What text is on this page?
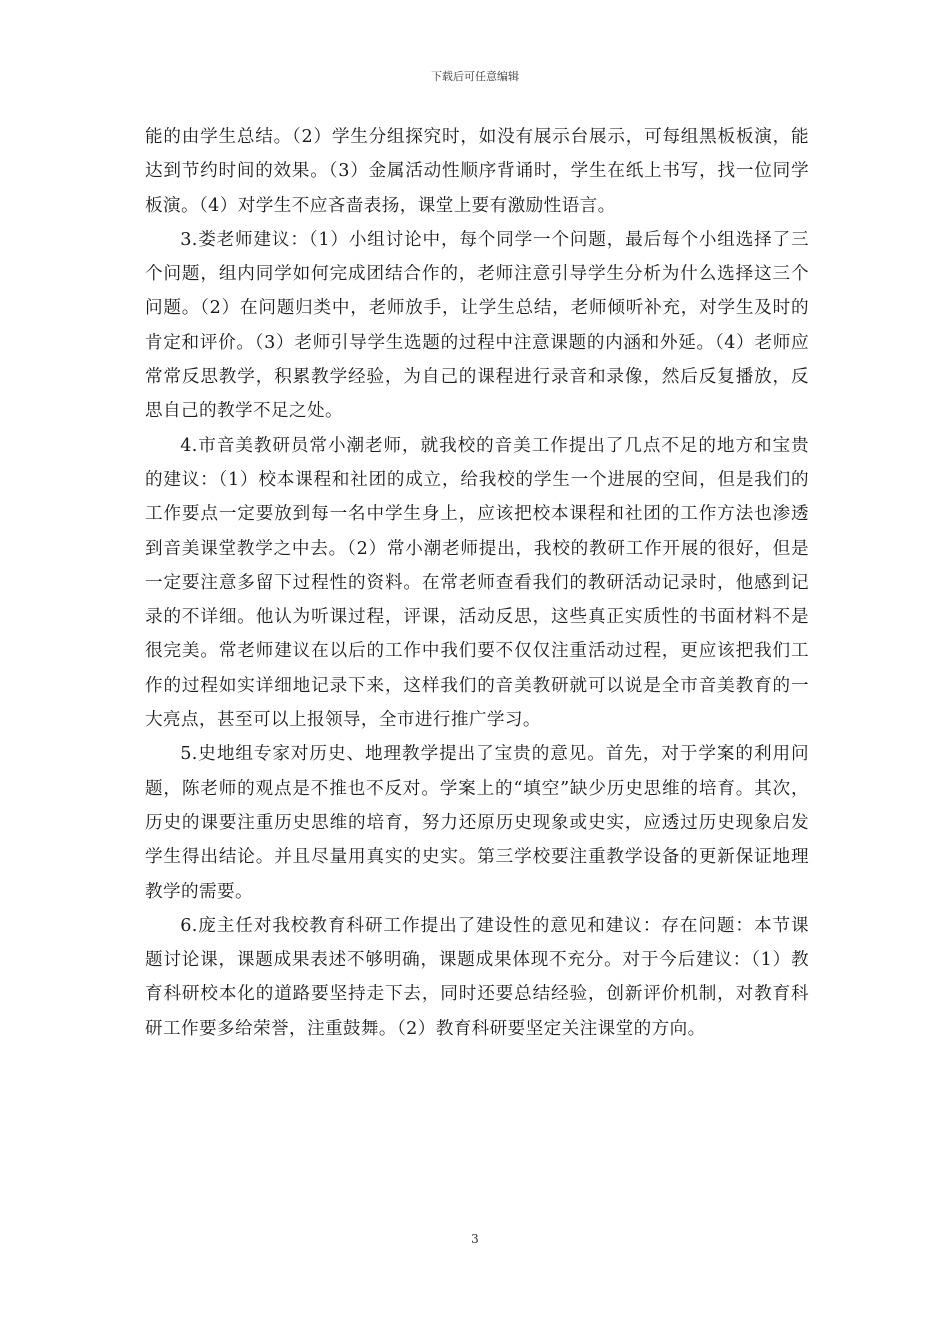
下载后可任意编辑

能的由学生总结。（2）学生分组探究时，如没有展示台展示，可每组黑板板演，能达到节约时间的效果。（3）金属活动性顺序背诵时，学生在纸上书写，找一位同学板演。（4）对学生不应吝啬表扬，课堂上要有激励性语言。

3.娄老师建议：（1）小组讨论中，每个同学一个问题，最后每个小组选择了三个问题，组内同学如何完成团结合作的，老师注意引导学生分析为什么选择这三个问题。（2）在问题归类中，老师放手，让学生总结，老师倾听补充，对学生及时的肯定和评价。（3）老师引导学生选题的过程中注意课题的内涵和外延。（4）老师应常常反思教学，积累教学经验，为自己的课程进行录音和录像，然后反复播放，反思自己的教学不足之处。

4.市音美教研员常小潮老师，就我校的音美工作提出了几点不足的地方和宝贵的建议：（1）校本课程和社团的成立，给我校的学生一个进展的空间，但是我们的工作要点一定要放到每一名中学生身上，应该把校本课程和社团的工作方法也渗透到音美课堂教学之中去。（2）常小潮老师提出，我校的教研工作开展的很好，但是一定要注意多留下过程性的资料。在常老师查看我们的教研活动记录时，他感到记录的不详细。他认为听课过程，评课，活动反思，这些真正实质性的书面材料不是很完美。常老师建议在以后的工作中我们要不仅仅注重活动过程，更应该把我们工作的过程如实详细地记录下来，这样我们的音美教研就可以说是全市音美教育的一大亮点，甚至可以上报领导，全市进行推广学习。

5.史地组专家对历史、地理教学提出了宝贵的意见。首先，对于学案的利用问题，陈老师的观点是不推也不反对。学案上的“填空”缺少历史思维的培育。其次，历史的课要注重历史思维的培育，努力还原历史现象或史实，应透过历史现象启发学生得出结论。并且尽量用真实的史实。第三学校要注重教学设备的更新保证地理教学的需要。

6.庞主任对我校教育科研工作提出了建设性的意见和建议：存在问题：本节课题讨论课，课题成果表述不够明确，课题成果体现不充分。对于今后建议：（1）教育科研校本化的道路要坚持走下去，同时还要总结经验，创新评价机制，对教育科研工作要多给荣誉，注重鼓舞。（2）教育科研要坚定关注课堂的方向。

3
